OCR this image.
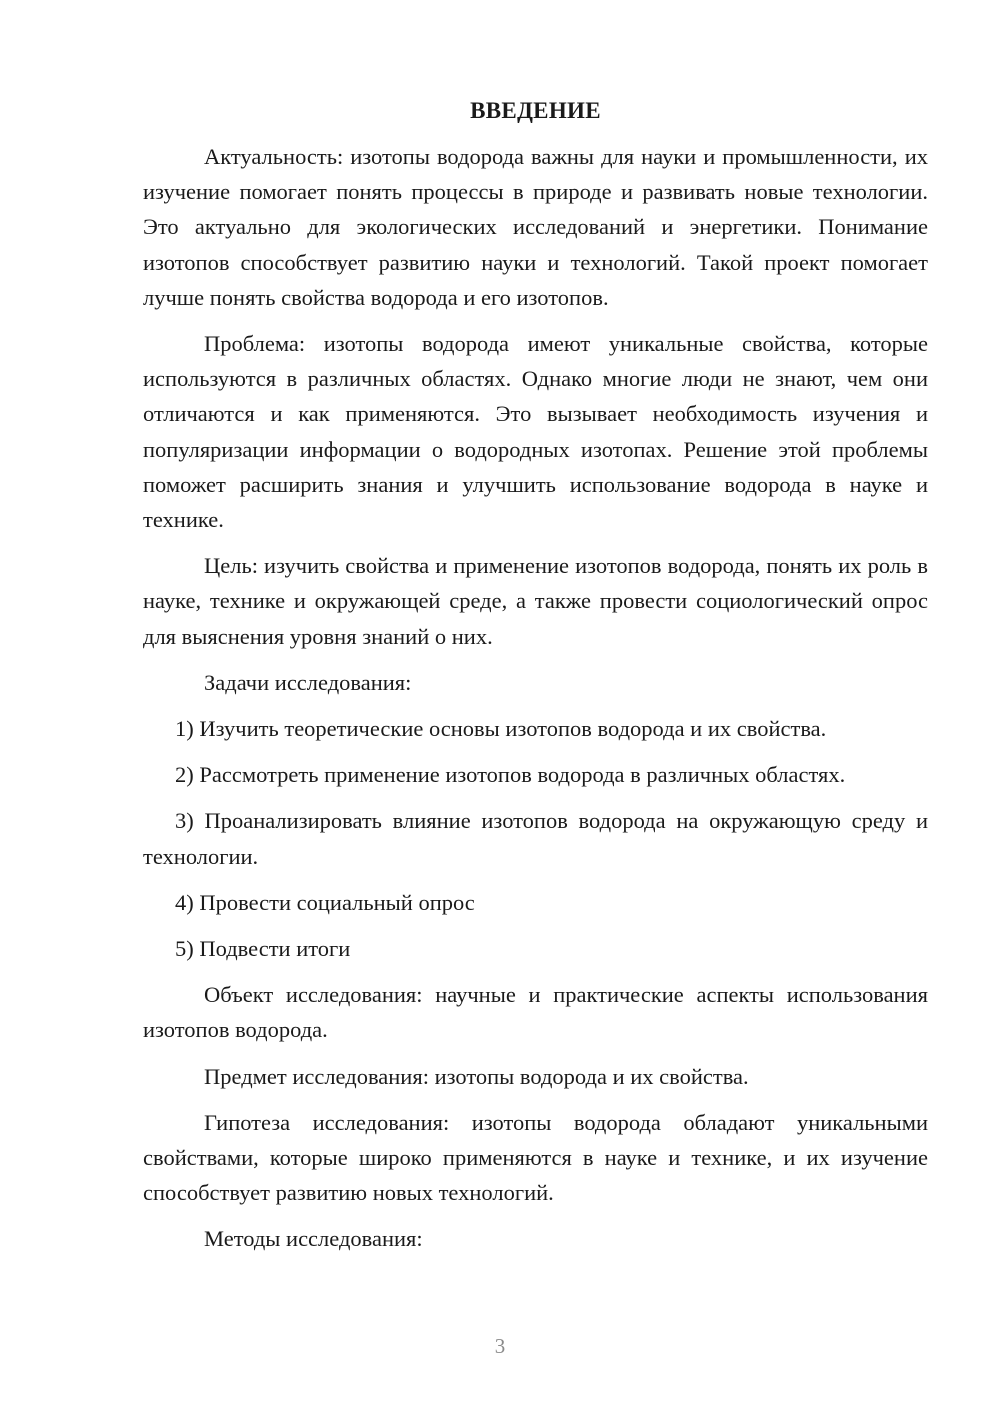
ВВЕДЕНИЕ

Актуальность: изотопы водорода важны для науки и промышленности, их изучение помогает понять процессы в природе и развивать новые технологии. Это актуально для экологических исследований и энергетики. Понимание изотопов способствует развитию науки и технологий. Такой проект помогает лучше понять свойства водорода и его изотопов.

Проблема: изотопы водорода имеют уникальные свойства, которые используются в различных областях. Однако многие люди не знают, чем они отличаются и как применяются. Это вызывает необходимость изучения и популяризации информации о водородных изотопах. Решение этой проблемы поможет расширить знания и улучшить использование водорода в науке и технике.

Цель: изучить свойства и применение изотопов водорода, понять их роль в науке, технике и окружающей среде, а также провести социологический опрос для выяснения уровня знаний о них.

Задачи исследования:

1) Изучить теоретические основы изотопов водорода и их свойства.

2) Рассмотреть применение изотопов водорода в различных областях.

3) Проанализировать влияние изотопов водорода на окружающую среду и технологии.

4) Провести социальный опрос

5) Подвести итоги

Объект исследования: научные и практические аспекты использования изотопов водорода.

Предмет исследования: изотопы водорода и их свойства.

Гипотеза исследования: изотопы водорода обладают уникальными свойствами, которые широко применяются в науке и технике, и их изучение способствует развитию новых технологий.

Методы исследования:

3
